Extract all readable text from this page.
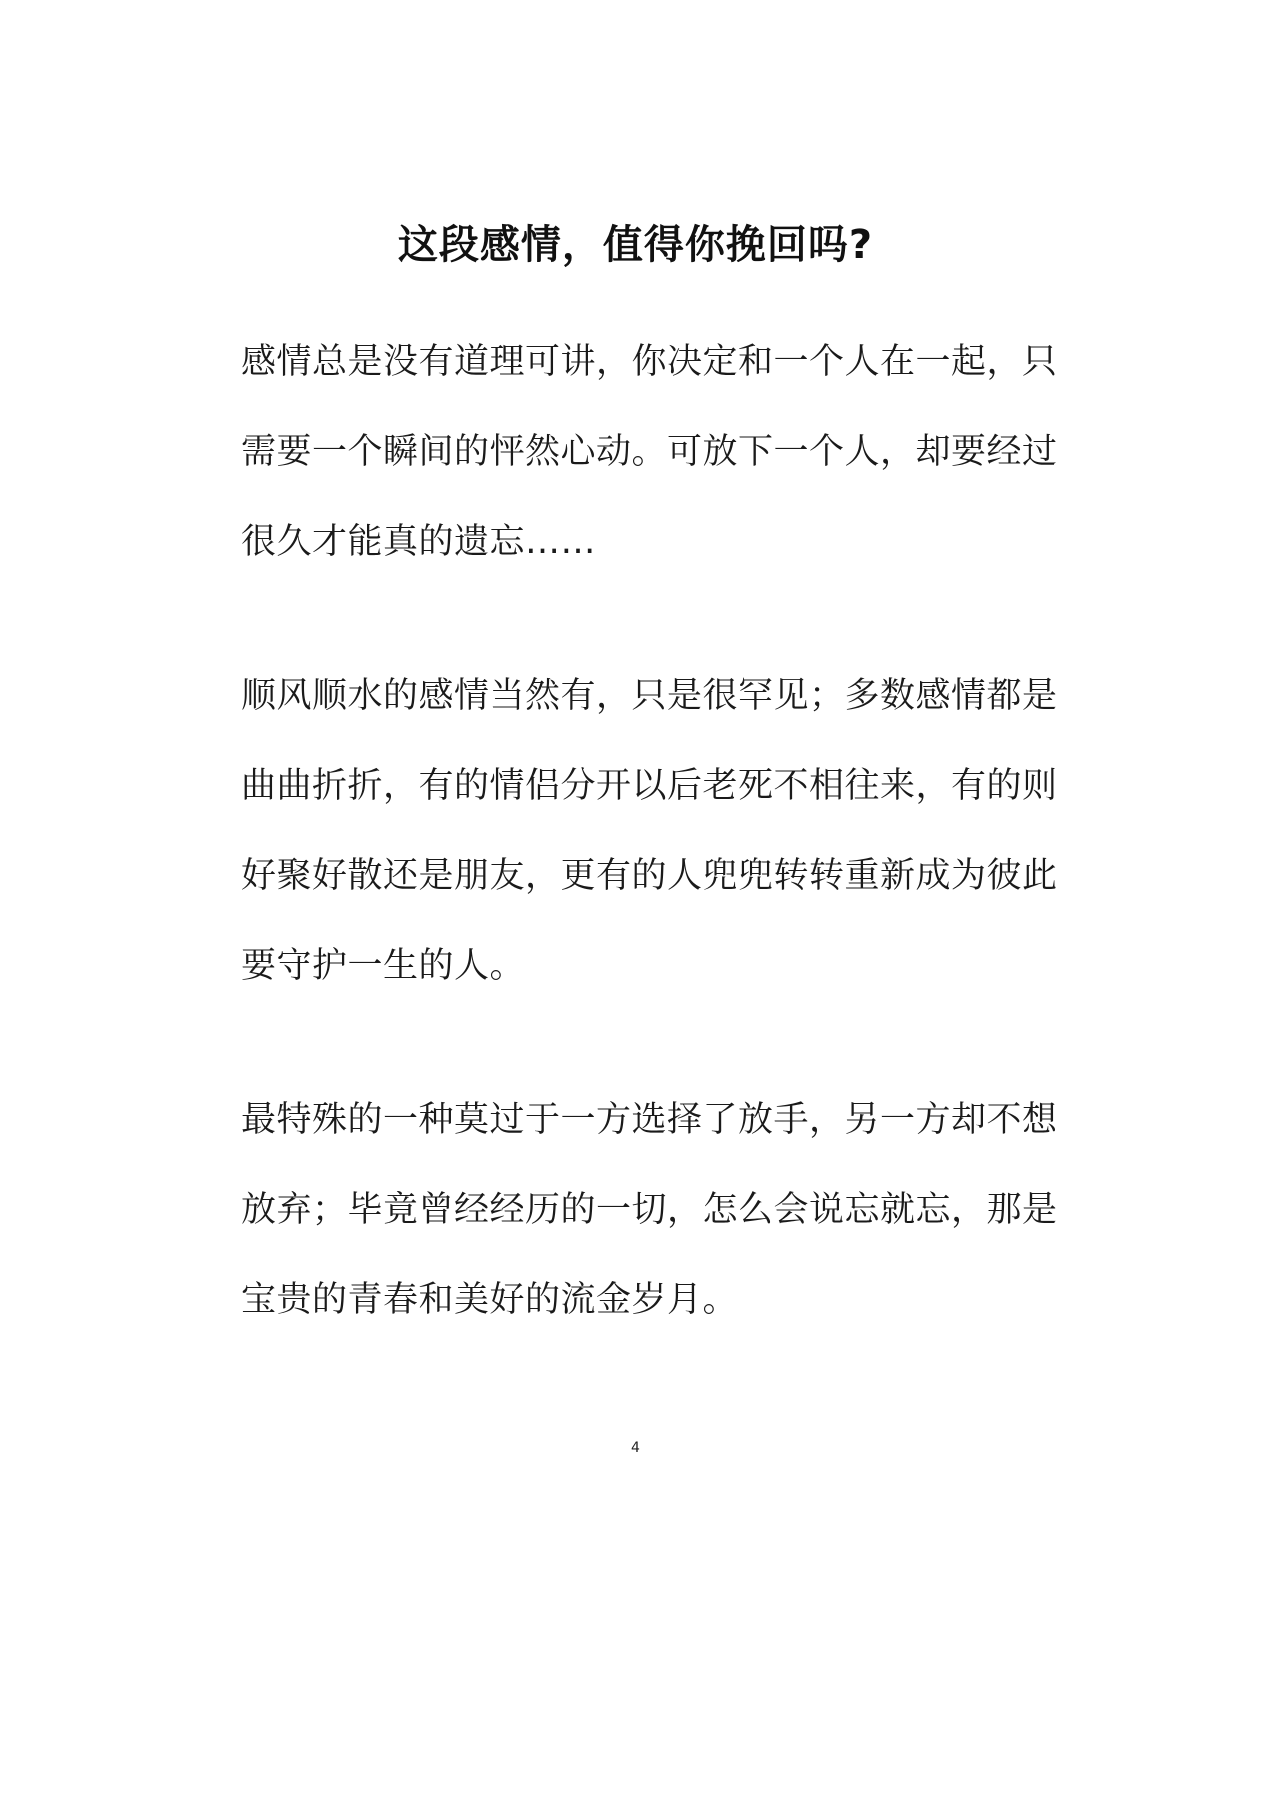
这段感情，值得你挽回吗?
感情总是没有道理可讲，你决定和一个人在一起，只
需要一个瞬间的怦然心动。可放下一个人，却要经过
很久才能真的遗忘……
顺风顺水的感情当然有，只是很罕见；多数感情都是
曲曲折折，有的情侣分开以后老死不相往来，有的则
好聚好散还是朋友，更有的人兜兜转转重新成为彼此
要守护一生的人。
最特殊的一种莫过于一方选择了放手，另一方却不想
放弃；毕竟曾经经历的一切，怎么会说忘就忘，那是
宝贵的青春和美好的流金岁月。
4
